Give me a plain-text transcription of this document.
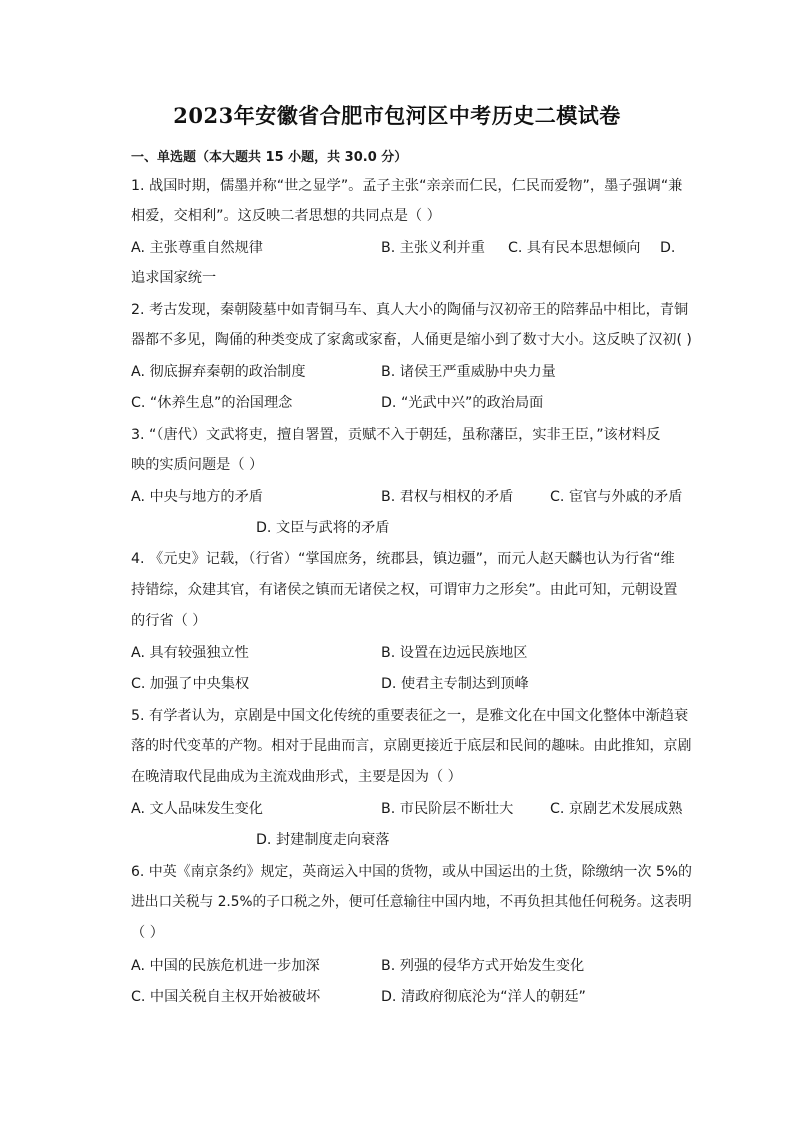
2023年安徽省合肥市包河区中考历史二模试卷
一、单选题（本大题共 15 小题，共 30.0 分）
1. 战国时期，儒墨并称“世之显学”。孟子主张“亲亲而仁民，仁民而爱物”，墨子强调“兼
相爱，交相利”。这反映二者思想的共同点是（ ）
A. 主张尊重自然规律	B. 主张义利并重 C. 具有民本思想倾向 D.
追求国家统一
2. 考古发现，秦朝陵墓中如青铜马车、真人大小的陶俑与汉初帝王的陪葬品中相比，青铜
器都不多见，陶俑的种类变成了家禽或家畜，人俑更是缩小到了数寸大小。这反映了汉初( )
A. 彻底摒弃秦朝的政治制度	B. 诸侯王严重威胁中央力量
C. “休养生息”的治国理念	D. “光武中兴”的政治局面
3. “（唐代）文武将吏，擅自署置，贡赋不入于朝廷，虽称藩臣，实非王臣，”该材料反
映的实质问题是（ ）
A. 中央与地方的矛盾	B. 君权与相权的矛盾	C. 宦官与外戚的矛盾
D. 文臣与武将的矛盾
4. 《元史》记载，（行省）“掌国庶务，统郡县，镇边疆”，而元人赵天麟也认为行省“维
持错综，众建其官，有诸侯之镇而无诸侯之权，可谓审力之形矣”。由此可知，元朝设置
的行省（ ）
A. 具有较强独立性	B. 设置在边远民族地区
C. 加强了中央集权	D. 使君主专制达到顶峰
5. 有学者认为，京剧是中国文化传统的重要表征之一，是雅文化在中国文化整体中渐趋衰
落的时代变革的产物。相对于昆曲而言，京剧更接近于底层和民间的趣味。由此推知，京剧
在晚清取代昆曲成为主流戏曲形式，主要是因为（ ）
A. 文人品味发生变化	B. 市民阶层不断壮大	C. 京剧艺术发展成熟
D. 封建制度走向衰落
6. 中英《南京条约》规定，英商运入中国的货物，或从中国运出的土货，除缴纳一次 5%的
进出口关税与 2.5%的子口税之外，便可任意输往中国内地，不再负担其他任何税务。这表明
（ ）
A. 中国的民族危机进一步加深	B. 列强的侵华方式开始发生变化
C. 中国关税自主权开始被破坏	D. 清政府彻底沦为“洋人的朝廷”
